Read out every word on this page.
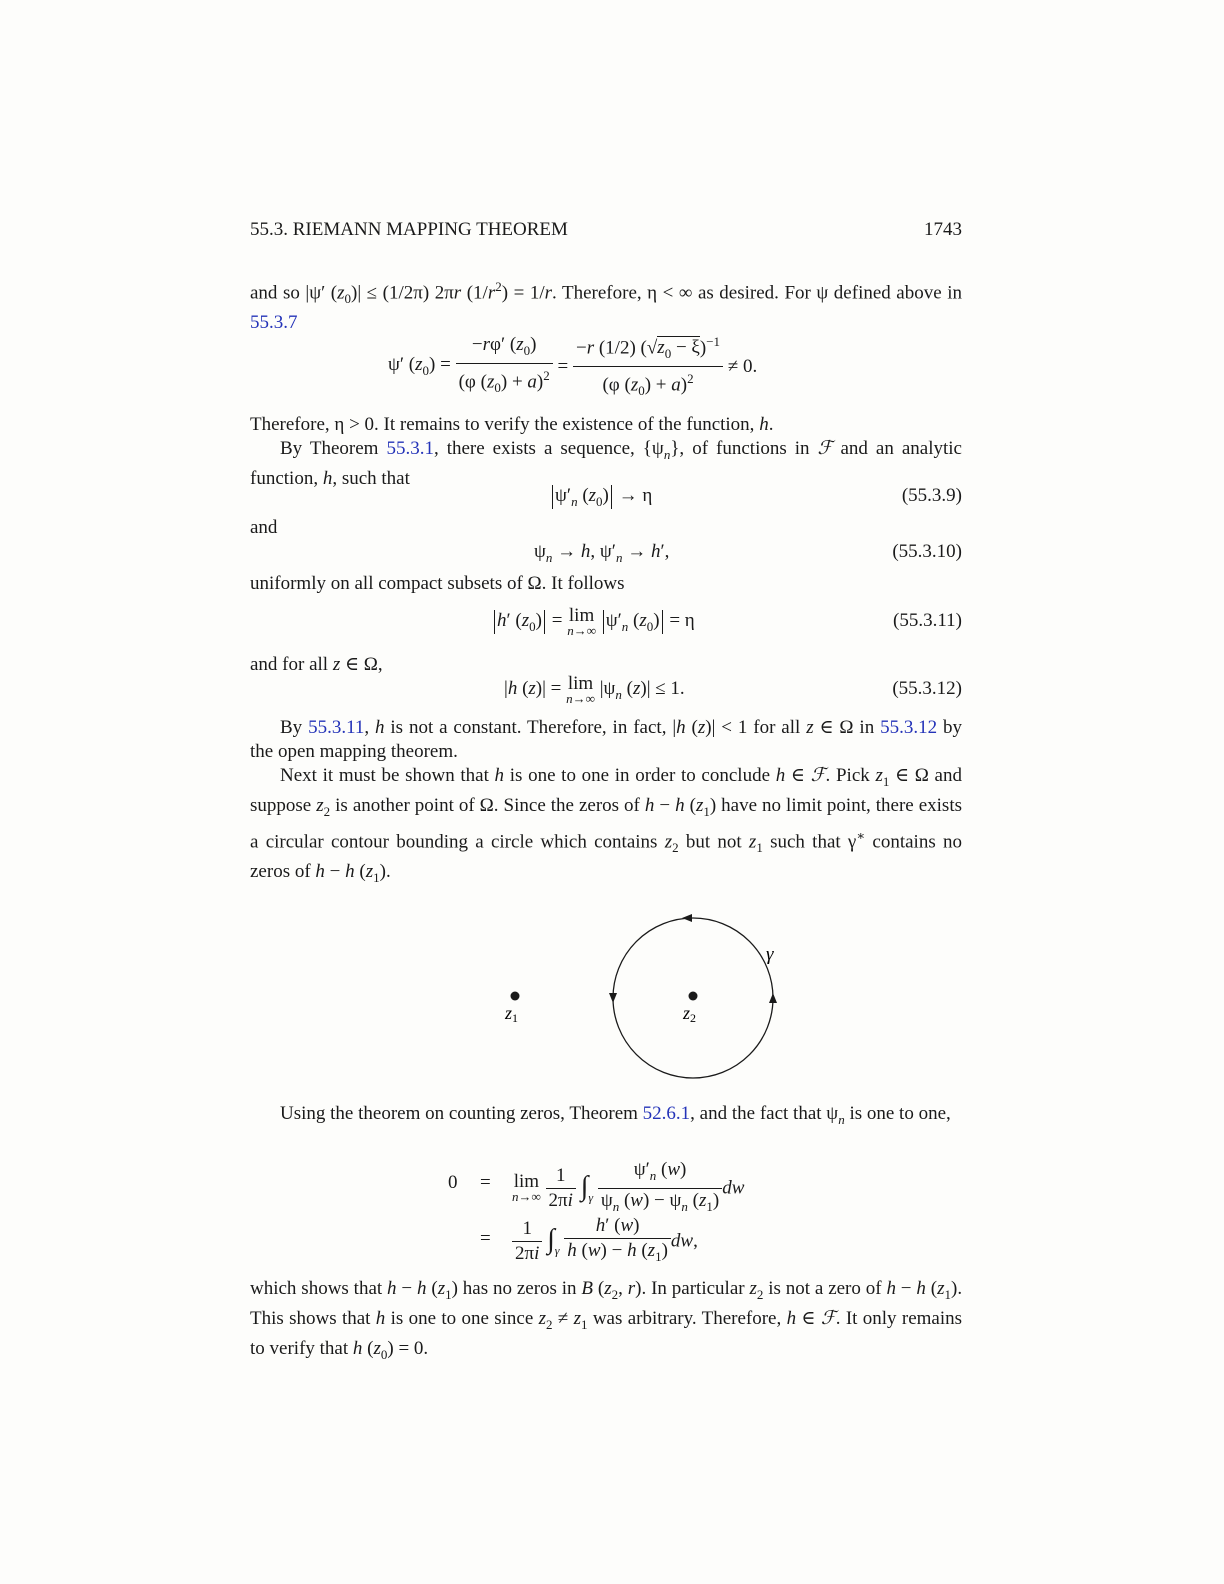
55.3. RIEMANN MAPPING THEOREM	1743
and so |ψ′ $(z_0)| \le (1/2\pi)$ 2πr $(1/r^2) = 1/r$. Therefore, η < ∞ as desired. For ψ defined above in 55.3.7
ψ′ $(z_0) = \frac{-r\varphi' (z_0)}{(\varphi (z_0) + a)^2} = \frac{-r (1/2) (√z_0 - \xi)^{-1}}{(\varphi (z_0) + a)^2} \ne 0$.
Therefore, η > 0. It remains to verify the existence of the function, h.
By Theorem 55.3.1, there exists a sequence, $\{\psi_n\}$, of functions in ℱ and an analytic function, h, such that
$\psi'_n$ $(z_0) \to \eta$	(55.3.9)
and
$\psi_n \to h$, $\psi'_n \to h'$,	(55.3.10)
uniformly on all compact subsets of Ω. It follows
h′ $(z_0) = \lim$
n→∞ $\psi'_n$ $(z_0) = \eta$	(55.3.11)
and for all z ∈ Ω,
|h (z)| = lim
n→∞ $|\psi_n$ (z)| ≤ 1.	(55.3.12)
By 55.3.11, h is not a constant. Therefore, in fact, |h (z)| < 1 for all z ∈ Ω in 55.3.12 by the open mapping theorem.
Next it must be shown that h is one to one in order to conclude h ∈ ℱ. Pick $z_1$ ∈ Ω and suppose $z_2$ is another point of Ω. Since the zeros of h − h $(z_1)$ have no limit point, there exists a circular contour bounding a circle which contains $z_2$ but not $z_1$ such that γ∗ contains no zeros of h − h $(z_1)$.
γ
z1	z2
Using the theorem on counting zeros, Theorem 52.6.1, and the fact that $\psi_n$ is one to one,
0 = lim
n→∞
$\frac{1}{2\pi i} \int_\gamma \frac{\psi'_n (w)}{\psi_n (w) - \psi_n (z_1)}$ dw
= $\frac{1}{2\pi i} \int_\gamma \frac{h' (w)}{h (w) - h (z_1)}$ dw,
which shows that h − h $(z_1)$ has no zeros in B ($z_2$, r). In particular $z_2$ is not a zero of h − h $(z_1)$. This shows that h is one to one since $z_2 \ne z_1$ was arbitrary. Therefore, h ∈ ℱ. It only remains to verify that h $(z_0) = 0$.
